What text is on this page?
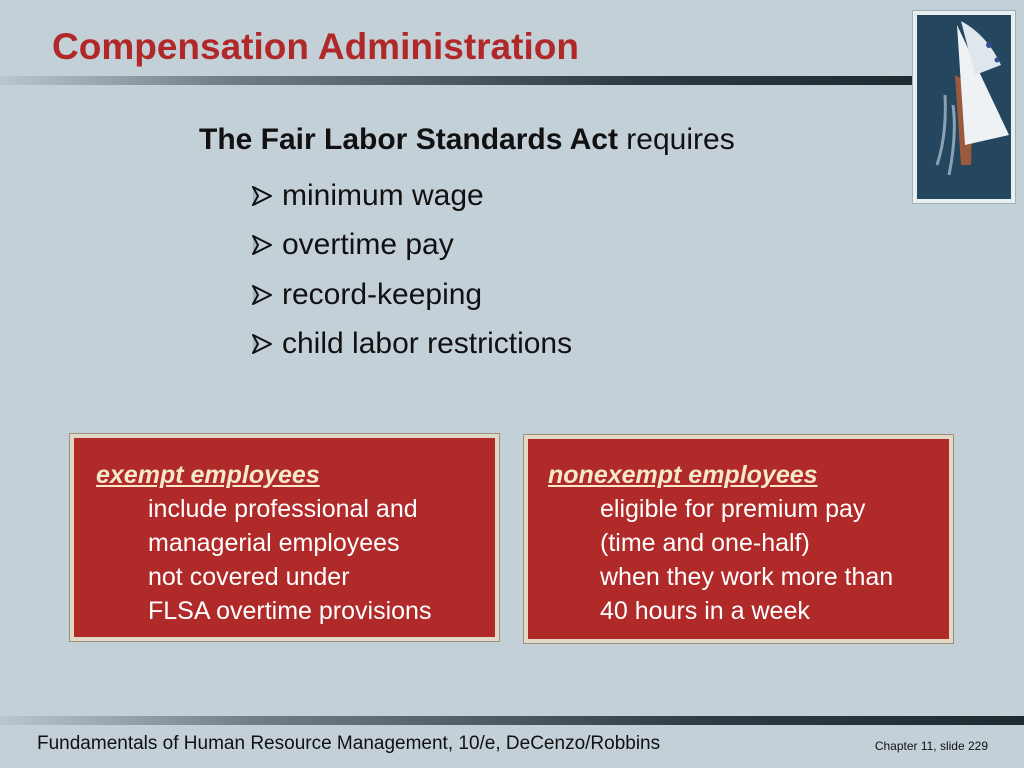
Compensation Administration
The Fair Labor Standards Act requires
minimum wage
overtime pay
record-keeping
child labor restrictions
exempt employees
include professional and
managerial employees
not covered under
FLSA overtime provisions
nonexempt employees
eligible for premium pay
(time and one-half)
when they work more than
40 hours in a week
Fundamentals of Human Resource Management, 10/e, DeCenzo/Robbins	Chapter 11, slide 229
